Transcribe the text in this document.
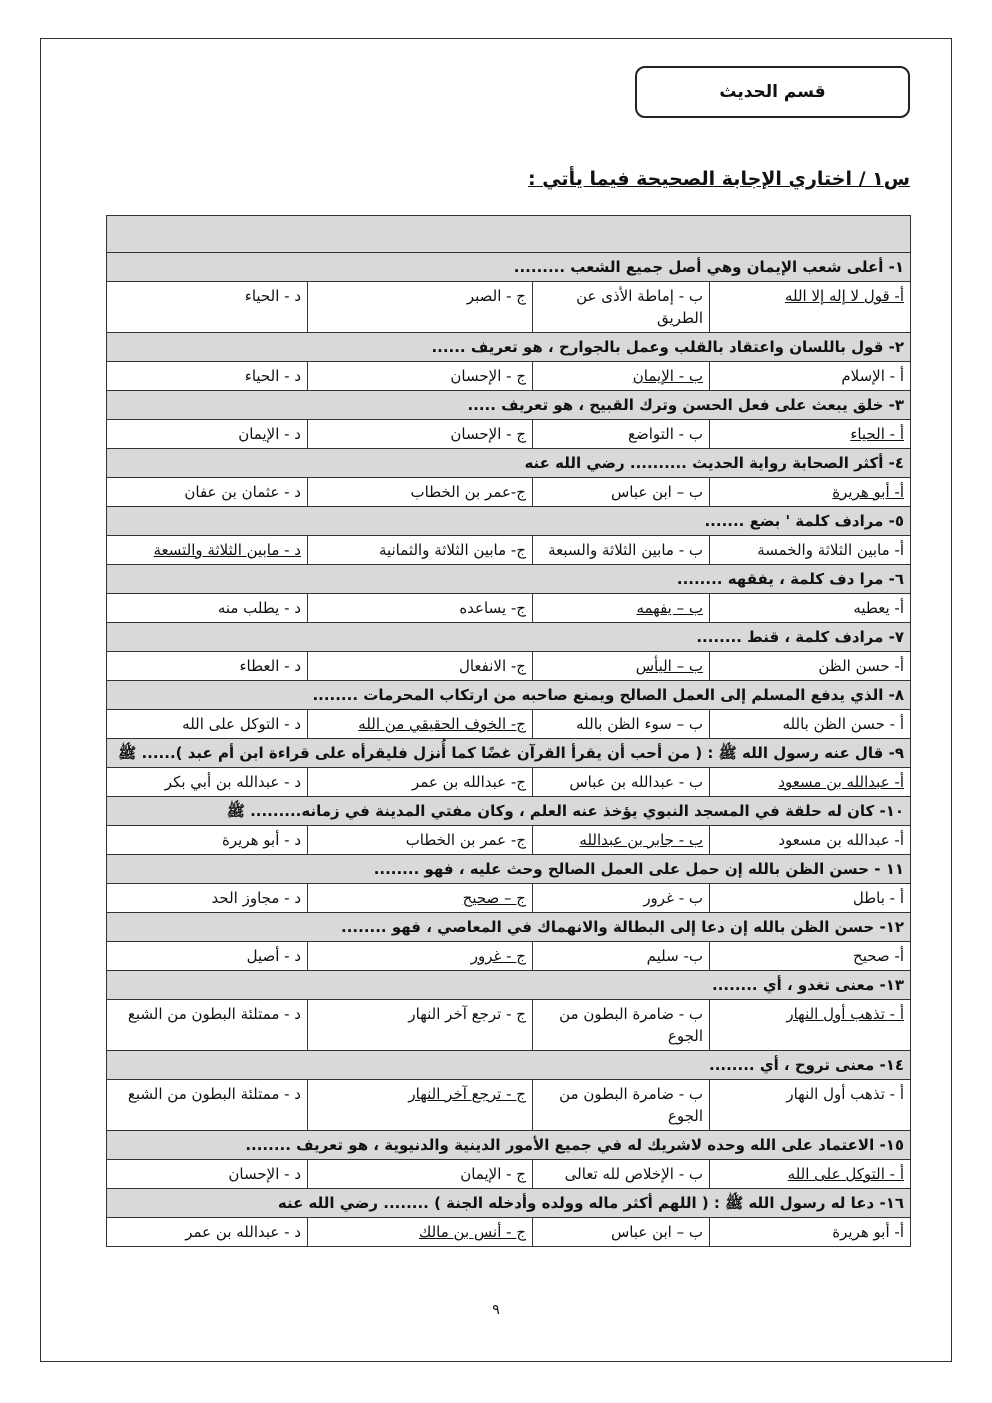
قسم الحديث
س١ / اختاري الإجابة الصحيحة فيما يأتي :

١- أعلى شعب الإيمان وهي أصل جميع الشعب .........			
أ- قول لا إله إلا الله	ب - إماطة الأذى عن الطريق	ج - الصبر	د - الحياء
٢- قول باللسان واعتقاد بالقلب وعمل بالجوارح ، هو تعريف ......			
أ - الإسلام	ب - الإيمان	ج - الإحسان	د - الحياء
٣- خلق يبعث على فعل الحسن وترك القبيح ، هو تعريف .....			
أ - الحياء	ب - التواضع	ج - الإحسان	د - الإيمان
٤- أكثر الصحابة رواية الحديث .......... رضي الله عنه			
أ- أبو هريرة	ب – ابن عباس	ج-عمر بن الخطاب	د - عثمان بن عفان
٥- مرادف كلمة ' بضع .......			
أ- مابين الثلاثة والخمسة	ب - مابين الثلاثة والسبعة	ج- مابين الثلاثة والثمانية	د - مابين الثلاثة والتسعة
٦- مرا دف كلمة ، يفقهه ........			
أ- يعطيه	ب – يفهمه	ج- يساعده	د - يطلب منه
٧- مرادف كلمة ، قنط ........			
أ- حسن الظن	ب – اليأس	ج- الانفعال	د - العطاء
٨- الذي يدفع المسلم إلى العمل الصالح ويمنع صاحبه من ارتكاب المحرمات ........			
أ - حسن الظن بالله	ب – سوء الظن بالله	ج- الخوف الحقيقي من الله	د - التوكل على الله
٩- قال عنه رسول الله ﷺ : ( من أحب أن يقرأ القرآن غضًا كما أُنزل فليقرأه على قراءة ابن أم عبد )...... ﷺ			
أ- عبدالله بن مسعود	ب - عبدالله بن عباس	ج- عبدالله بن عمر	د - عبدالله بن أبي بكر
١٠- كان له حلقة في المسجد النبوي يؤخذ عنه العلم ، وكان مفتي المدينة في زمانه......... ﷺ			
أ- عبدالله بن مسعود	ب - جابر بن عبدالله	ج- عمر بن الخطاب	د - أبو هريرة
١١ - حسن الظن بالله إن حمل على العمل الصالح وحث عليه ، فهو ........			
أ - باطل	ب - غرور	ج – صحيح	د - مجاوز الحد
١٢- حسن الظن بالله إن دعا إلى البطالة والانهماك في المعاصي ، فهو ........			
أ- صحيح	ب- سليم	ج - غرور	د - أصيل
١٣- معنى تغدو ، أي ........			
أ - تذهب أول النهار	ب - ضامرة البطون من الجوع	ج - ترجع آخر النهار	د - ممتلئة البطون من الشبع
١٤- معنى تروح ، أي ........			
أ - تذهب أول النهار	ب - ضامرة البطون من الجوع	ج - ترجع آخر النهار	د - ممتلئة البطون من الشبع
١٥- الاعتماد على الله وحده لاشريك له في جميع الأمور الدينية والدنيوية ، هو تعريف ........			
أ - التوكل على الله	ب - الإخلاص لله تعالى	ج - الإيمان	د - الإحسان
١٦- دعا له رسول الله ﷺ : ( اللهم أكثر ماله وولده وأدخله الجنة ) ........ رضي الله عنه			
أ- أبو هريرة	ب – ابن عباس	ج - أنس بن مالك	د - عبدالله بن عمر
٩
